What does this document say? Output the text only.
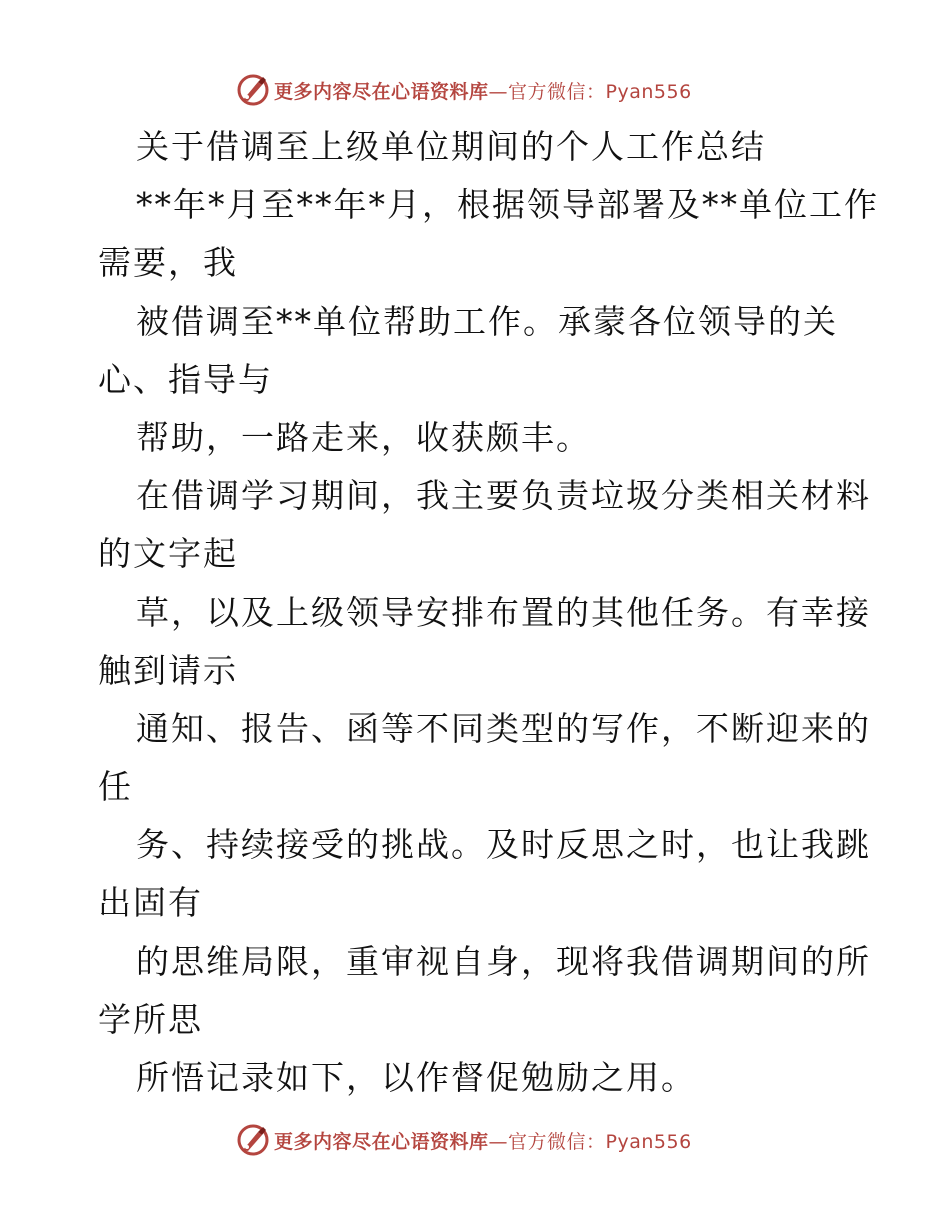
更多内容尽在心语资料库—官方微信：Pyan556
关于借调至上级单位期间的个人工作总结
**年*月至**年*月，根据领导部署及**单位工作
需要，我
被借调至**单位帮助工作。承蒙各位领导的关
心、指导与
帮助，一路走来，收获颇丰。
在借调学习期间，我主要负责垃圾分类相关材料
的文字起
草，以及上级领导安排布置的其他任务。有幸接
触到请示
通知、报告、函等不同类型的写作，不断迎来的
任
务、持续接受的挑战。及时反思之时，也让我跳
出固有
的思维局限，重审视自身，现将我借调期间的所
学所思
所悟记录如下，以作督促勉励之用。
更多内容尽在心语资料库—官方微信：Pyan556
